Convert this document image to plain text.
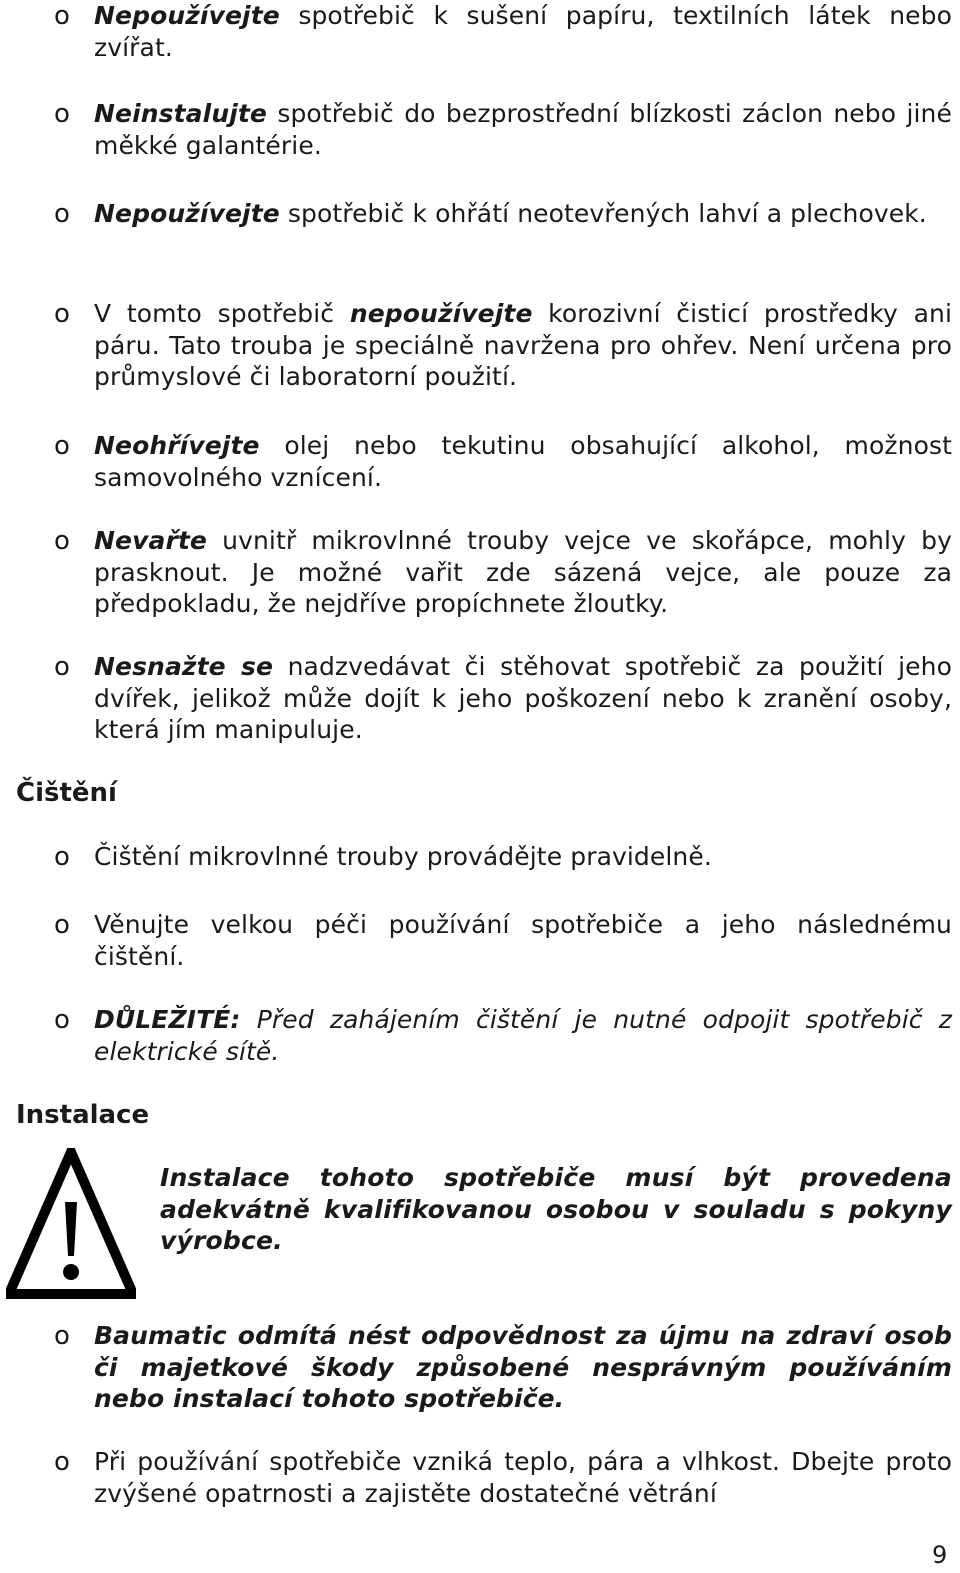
o Nepoužívejte spotřebič k sušení papíru, textilních látek nebo zvířat.
o Neinstalujte spotřebič do bezprostřední blízkosti záclon nebo jiné měkké galantérie.
o Nepoužívejte spotřebič k ohřátí neotevřených lahví a plechovek.
o V tomto spotřebič nepoužívejte korozivní čisticí prostředky ani páru. Tato trouba je speciálně navržena pro ohřev. Není určena pro průmyslové či laboratorní použití.
o Neohřívejte olej nebo tekutinu obsahující alkohol, možnost samovolného vznícení.
o Nevařte uvnitř mikrovlnné trouby vejce ve skořápce, mohly by prasknout. Je možné vařit zde sázená vejce, ale pouze za předpokladu, že nejdříve propíchnete žloutky.
o Nesnažte se nadzvedávat či stěhovat spotřebič za použití jeho dvířek, jelikož může dojít k jeho poškození nebo k zranění osoby, která jím manipuluje.
Čištění
o Čištění mikrovlnné trouby provádějte pravidelně.
o Věnujte velkou péči používání spotřebiče a jeho následnému čištění.
o DŮLEŽITÉ: Před zahájením čištění je nutné odpojit spotřebič z elektrické sítě.
Instalace
Instalace tohoto spotřebiče musí být provedena adekvátně kvalifikovanou osobou v souladu s pokyny výrobce.
o Baumatic odmítá nést odpovědnost za újmu na zdraví osob či majetkové škody způsobené nesprávným používáním nebo instalací tohoto spotřebiče.
o Při používání spotřebiče vzniká teplo, pára a vlhkost. Dbejte proto zvýšené opatrnosti a zajistěte dostatečné větrání
9
